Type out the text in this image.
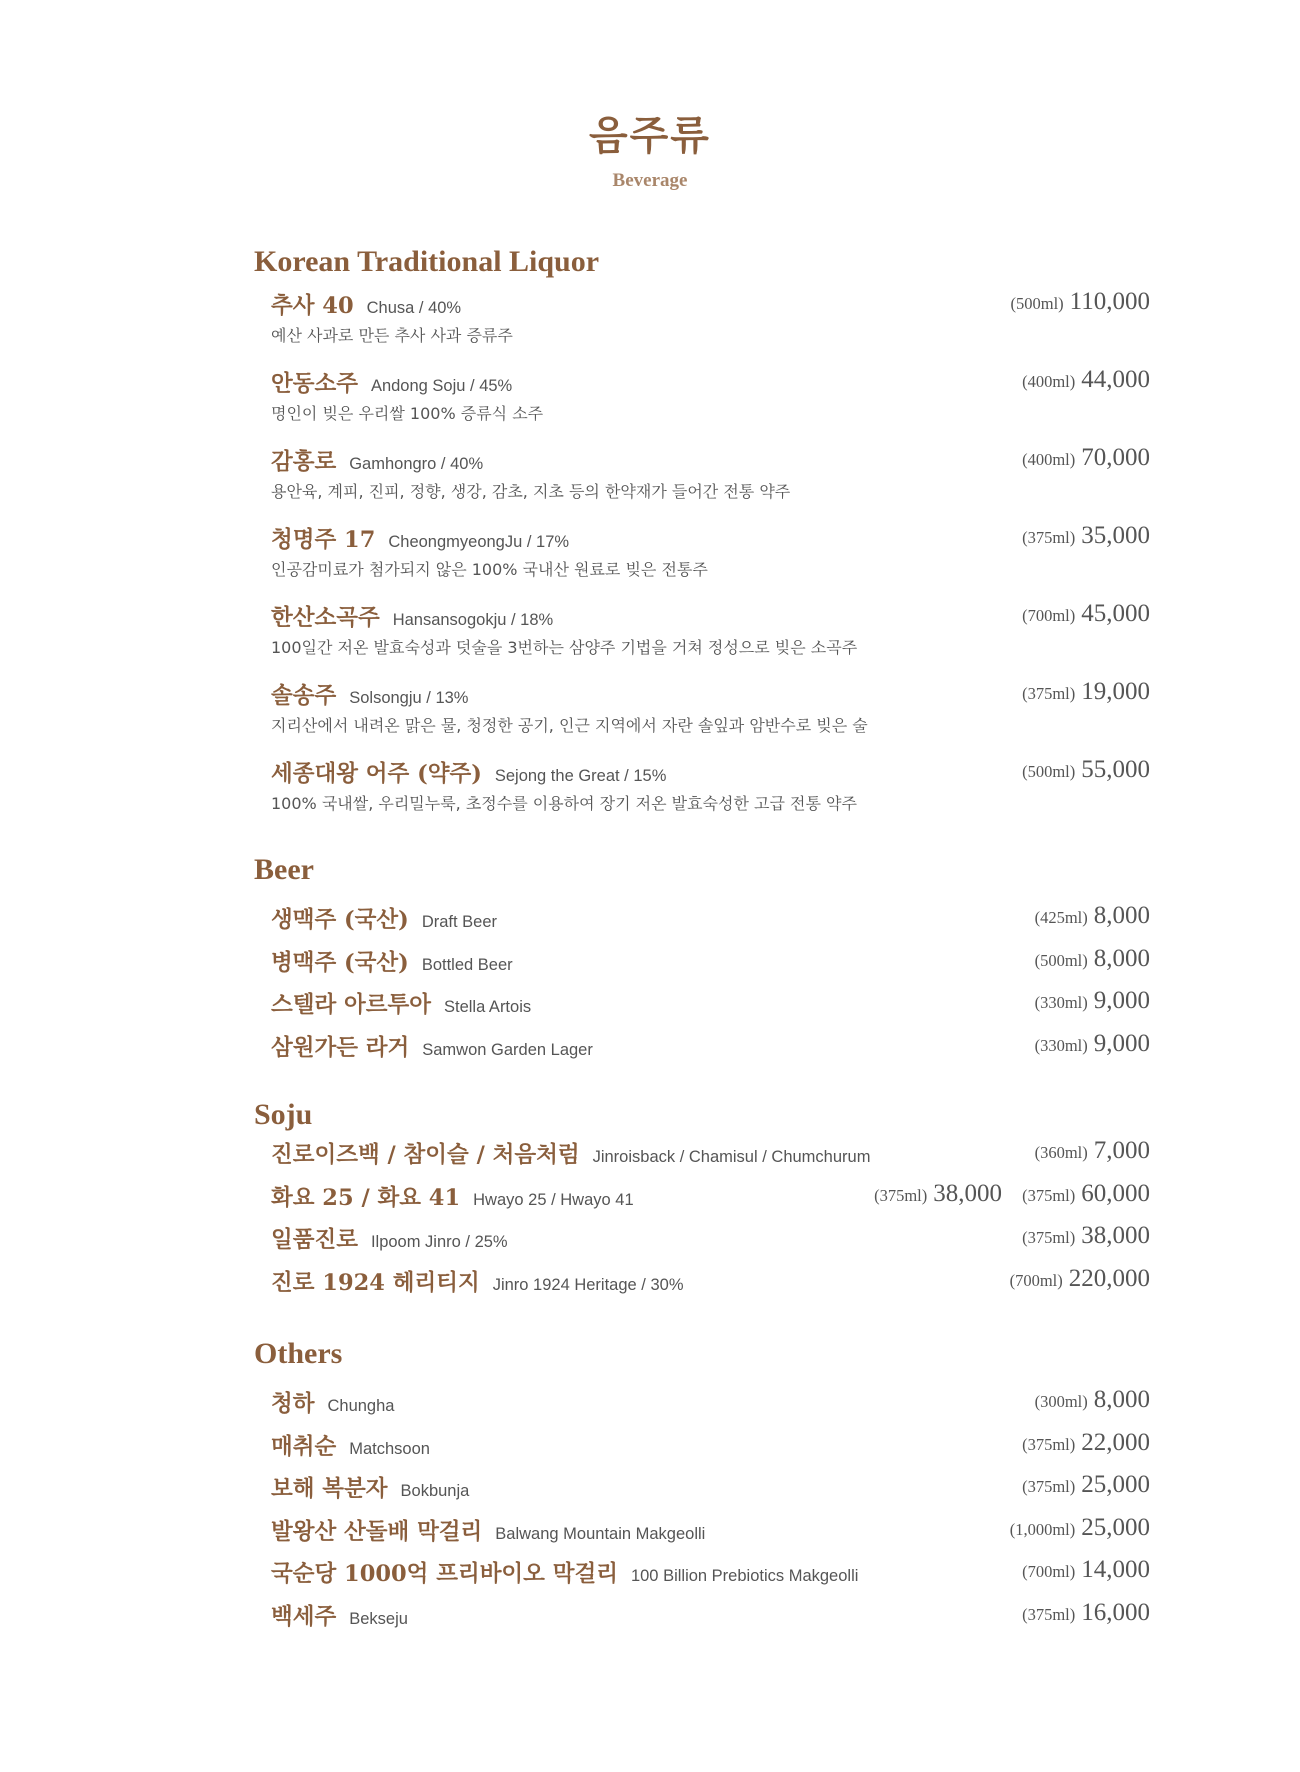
음주류
Beverage
Korean Traditional Liquor
추사 40 Chusa / 40%
예산 사과로 만든 추사 사과 증류주
(500ml) 110,000
안동소주 Andong Soju / 45%
명인이 빚은 우리쌀 100% 증류식 소주
(400ml) 44,000
감홍로 Gamhongro / 40%
용안육, 계피, 진피, 정향, 생강, 감초, 지초 등의 한약재가 들어간 전통 약주
(400ml) 70,000
청명주 17 CheongmyeongJu / 17%
인공감미료가 첨가되지 않은 100% 국내산 원료로 빚은 전통주
(375ml) 35,000
한산소곡주 Hansansogokju / 18%
100일간 저온 발효숙성과 덧술을 3번하는 삼양주 기법을 거쳐 정성으로 빚은 소곡주
(700ml) 45,000
솔송주 Solsongju / 13%
지리산에서 내려온 맑은 물, 청정한 공기, 인근 지역에서 자란 솔잎과 암반수로 빚은 술
(375ml) 19,000
세종대왕 어주 (약주) Sejong the Great / 15%
100% 국내쌀, 우리밀누룩, 초정수를 이용하여 장기 저온 발효숙성한 고급 전통 약주
(500ml) 55,000
Beer
생맥주 (국산) Draft Beer	(425ml) 8,000
병맥주 (국산) Bottled Beer	(500ml) 8,000
스텔라 아르투아 Stella Artois	(330ml) 9,000
삼원가든 라거 Samwon Garden Lager	(330ml) 9,000
Soju
진로이즈백 / 참이슬 / 처음처럼 Jinroisback / Chamisul / Chumchurum	(360ml) 7,000
화요 25 / 화요 41 Hwayo 25 / Hwayo 41	(375ml) 38,000 (375ml) 60,000
일품진로 Ilpoom Jinro / 25%	(375ml) 38,000
진로 1924 헤리티지 Jinro 1924 Heritage / 30%	(700ml) 220,000
Others
청하 Chungha	(300ml) 8,000
매취순 Matchsoon	(375ml) 22,000
보해 복분자 Bokbunja	(375ml) 25,000
발왕산 산돌배 막걸리 Balwang Mountain Makgeolli	(1,000ml) 25,000
국순당 1000억 프리바이오 막걸리 100 Billion Prebiotics Makgeolli	(700ml) 14,000
백세주 Bekseju	(375ml) 16,000
